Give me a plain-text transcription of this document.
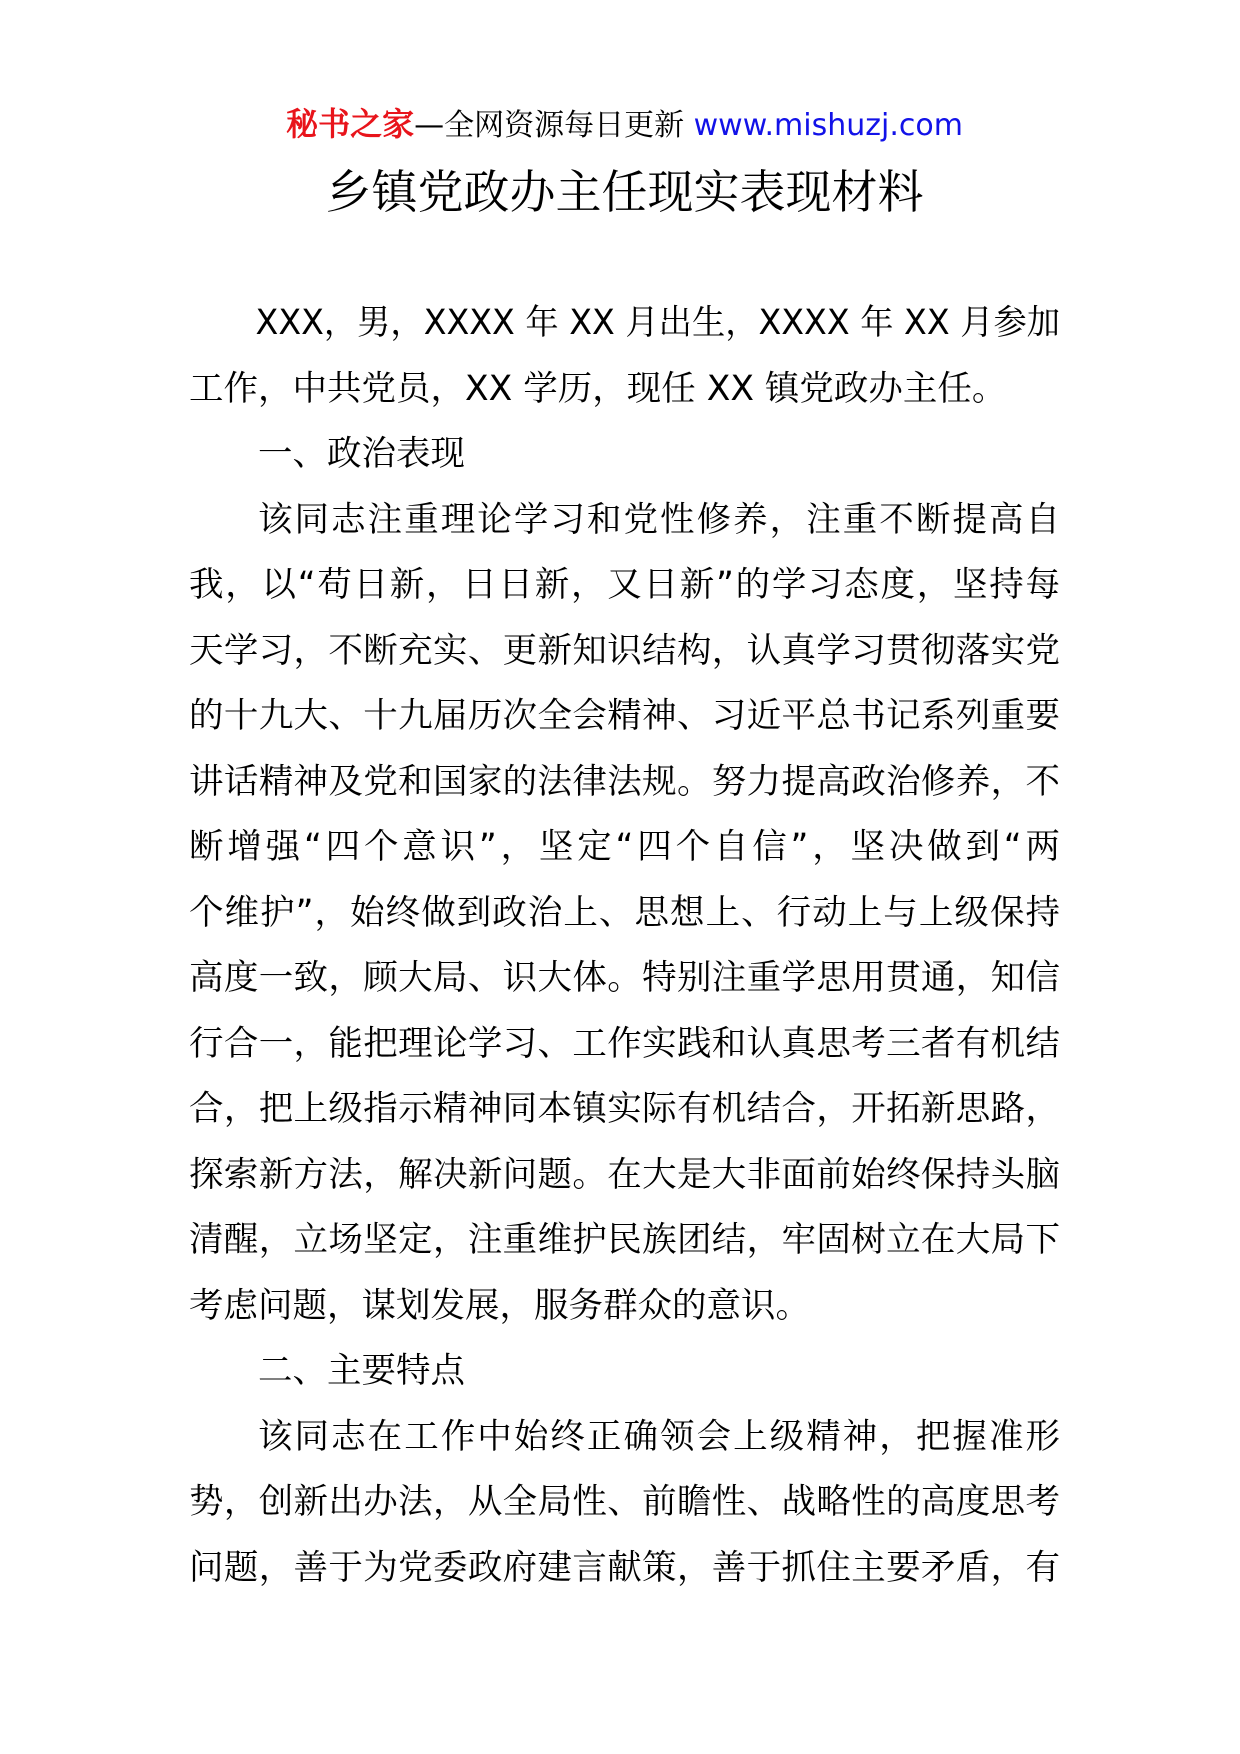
秘书之家—全网资源每日更新 www.mishuzj.com
乡镇党政办主任现实表现材料
XXX，男，XXXX 年 XX 月出生，XXXX 年 XX 月参加
工作，中共党员，XX 学历，现任 XX 镇党政办主任。
一、政治表现
该同志注重理论学习和党性修养，注重不断提高自
我，以“苟日新，日日新，又日新”的学习态度，坚持每
天学习，不断充实、更新知识结构，认真学习贯彻落实党
的十九大、十九届历次全会精神、习近平总书记系列重要
讲话精神及党和国家的法律法规。努力提高政治修养，不
断增强“四个意识”，坚定“四个自信”，坚决做到“两
个维护”，始终做到政治上、思想上、行动上与上级保持
高度一致，顾大局、识大体。特别注重学思用贯通，知信
行合一，能把理论学习、工作实践和认真思考三者有机结
合，把上级指示精神同本镇实际有机结合，开拓新思路，
探索新方法，解决新问题。在大是大非面前始终保持头脑
清醒，立场坚定，注重维护民族团结，牢固树立在大局下
考虑问题，谋划发展，服务群众的意识。
二、主要特点
该同志在工作中始终正确领会上级精神，把握准形
势，创新出办法，从全局性、前瞻性、战略性的高度思考
问题，善于为党委政府建言献策，善于抓住主要矛盾，有
